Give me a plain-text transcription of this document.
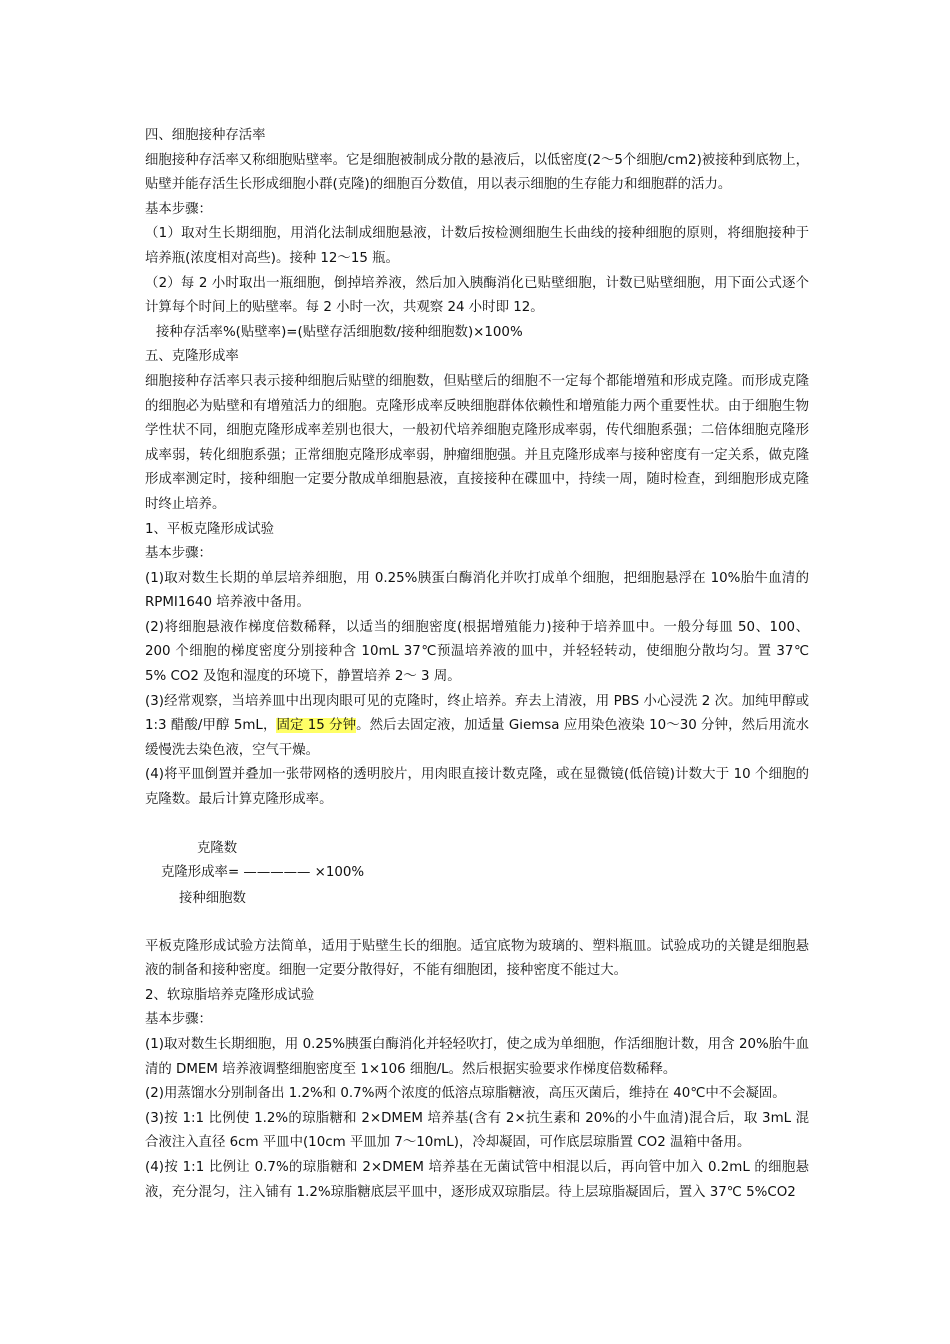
四、细胞接种存活率

细胞接种存活率又称细胞贴壁率。它是细胞被制成分散的悬液后，以低密度(2～5个细胞/cm2)被接种到底物上，贴壁并能存活生长形成细胞小群(克隆)的细胞百分数值，用以表示细胞的生存能力和细胞群的活力。

基本步骤：

（1）取对生长期细胞，用消化法制成细胞悬液，计数后按检测细胞生长曲线的接种细胞的原则，将细胞接种于培养瓶(浓度相对高些)。接种 12～15 瓶。

（2）每 2 小时取出一瓶细胞，倒掉培养液，然后加入胰酶消化已贴壁细胞，计数已贴壁细胞，用下面公式逐个计算每个时间上的贴壁率。每 2 小时一次，共观察 24 小时即 12。

接种存活率%(贴壁率)=(贴壁存活细胞数/接种细胞数)×100%

五、克隆形成率

细胞接种存活率只表示接种细胞后贴壁的细胞数，但贴壁后的细胞不一定每个都能增殖和形成克隆。而形成克隆的细胞必为贴壁和有增殖活力的细胞。克隆形成率反映细胞群体依赖性和增殖能力两个重要性状。由于细胞生物学性状不同，细胞克隆形成率差别也很大，一般初代培养细胞克隆形成率弱，传代细胞系强；二倍体细胞克隆形成率弱，转化细胞系强；正常细胞克隆形成率弱，肿瘤细胞强。并且克隆形成率与接种密度有一定关系，做克隆形成率测定时，接种细胞一定要分散成单细胞悬液，直接接种在碟皿中，持续一周，随时检查，到细胞形成克隆时终止培养。

1、平板克隆形成试验

基本步骤：

(1)取对数生长期的单层培养细胞，用 0.25%胰蛋白酶消化并吹打成单个细胞，把细胞悬浮在 10%胎牛血清的 RPMI1640 培养液中备用。

(2)将细胞悬液作梯度倍数稀释，以适当的细胞密度(根据增殖能力)接种于培养皿中。一般分每皿 50、100、200 个细胞的梯度密度分别接种含 10mL 37℃预温培养液的皿中，并轻轻转动，使细胞分散均匀。置 37℃ 5% CO2 及饱和湿度的环境下，静置培养 2～ 3 周。

(3)经常观察，当培养皿中出现肉眼可见的克隆时，终止培养。弃去上清液，用 PBS 小心浸洗 2 次。加纯甲醇或 1:3 醋酸/甲醇 5mL，固定 15 分钟。然后去固定液，加适量 Giemsa 应用染色液染 10～30 分钟，然后用流水缓慢洗去染色液，空气干燥。

(4)将平皿倒置并叠加一张带网格的透明胶片，用肉眼直接计数克隆，或在显微镜(低倍镜)计数大于 10 个细胞的克隆数。最后计算克隆形成率。

克隆数
克隆形成率= ————— ×100%
接种细胞数

平板克隆形成试验方法简单，适用于贴壁生长的细胞。适宜底物为玻璃的、塑料瓶皿。试验成功的关键是细胞悬液的制备和接种密度。细胞一定要分散得好，不能有细胞团，接种密度不能过大。

2、软琼脂培养克隆形成试验

基本步骤：

(1)取对数生长期细胞，用 0.25%胰蛋白酶消化并轻轻吹打，使之成为单细胞，作活细胞计数，用含 20%胎牛血清的 DMEM 培养液调整细胞密度至 1×106 细胞/L。然后根据实验要求作梯度倍数稀释。

(2)用蒸馏水分别制备出 1.2%和 0.7%两个浓度的低溶点琼脂糖液，高压灭菌后，维持在 40℃中不会凝固。

(3)按 1:1 比例使 1.2%的琼脂糖和 2×DMEM 培养基(含有 2×抗生素和 20%的小牛血清)混合后，取 3mL 混合液注入直径 6cm 平皿中(10cm 平皿加 7～10mL)，冷却凝固，可作底层琼脂置 CO2 温箱中备用。

(4)按 1:1 比例让 0.7%的琼脂糖和 2×DMEM 培养基在无菌试管中相混以后，再向管中加入 0.2mL 的细胞悬液，充分混匀，注入铺有 1.2%琼脂糖底层平皿中，逐形成双琼脂层。待上层琼脂凝固后，置入 37℃ 5%CO2
